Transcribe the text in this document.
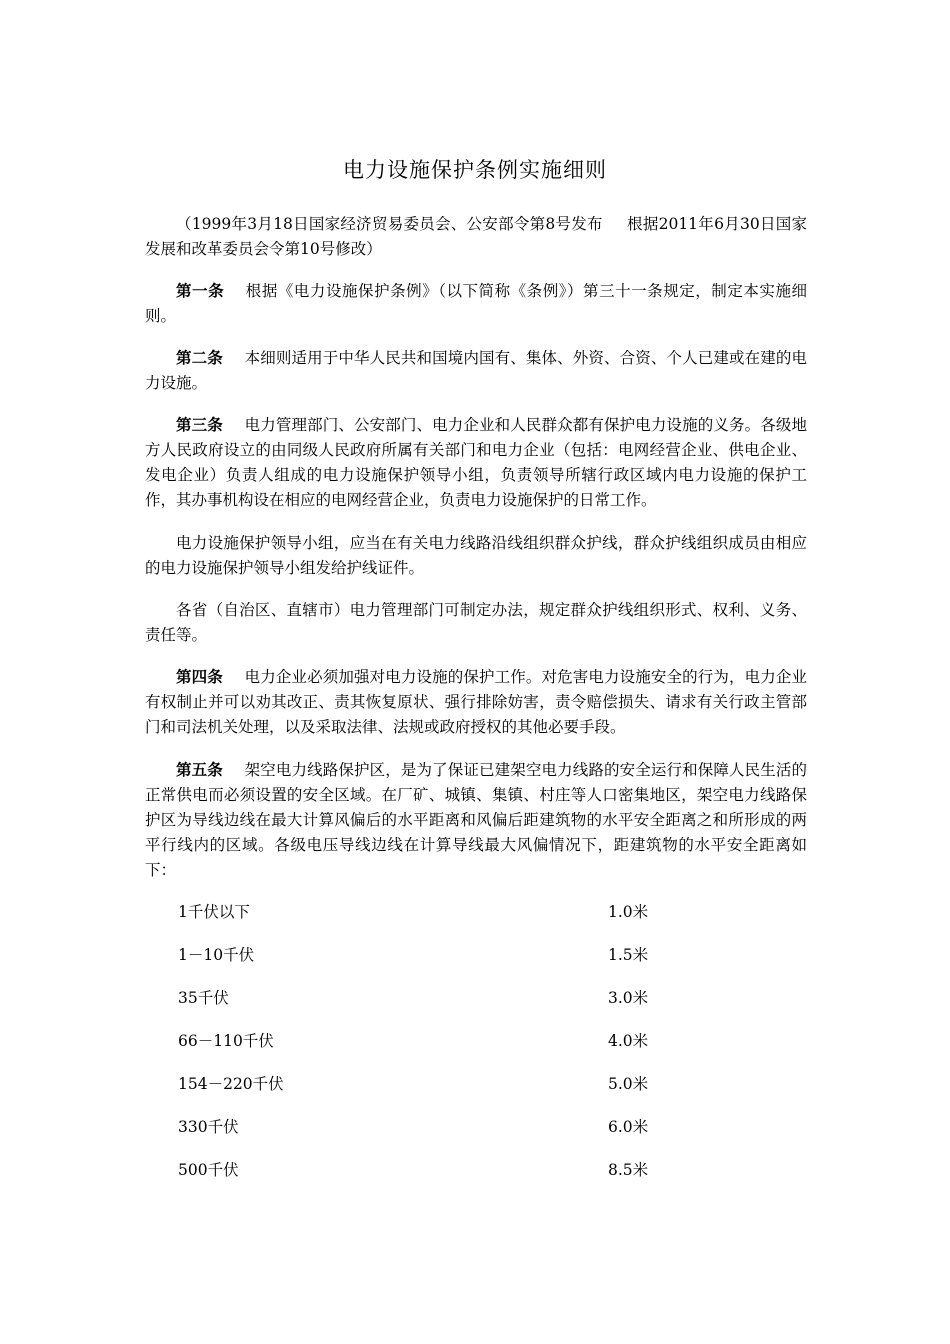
电力设施保护条例实施细则

（1999年3月18日国家经济贸易委员会、公安部令第8号发布 根据2011年6月30日国家发展和改革委员会令第10号修改）

第一条 根据《电力设施保护条例》（以下简称《条例》）第三十一条规定，制定本实施细则。

第二条 本细则适用于中华人民共和国境内国有、集体、外资、合资、个人已建或在建的电力设施。

第三条 电力管理部门、公安部门、电力企业和人民群众都有保护电力设施的义务。各级地方人民政府设立的由同级人民政府所属有关部门和电力企业（包括：电网经营企业、供电企业、发电企业）负责人组成的电力设施保护领导小组，负责领导所辖行政区域内电力设施的保护工作，其办事机构设在相应的电网经营企业，负责电力设施保护的日常工作。

电力设施保护领导小组，应当在有关电力线路沿线组织群众护线，群众护线组织成员由相应的电力设施保护领导小组发给护线证件。

各省（自治区、直辖市）电力管理部门可制定办法，规定群众护线组织形式、权利、义务、责任等。

第四条 电力企业必须加强对电力设施的保护工作。对危害电力设施安全的行为，电力企业有权制止并可以劝其改正、责其恢复原状、强行排除妨害，责令赔偿损失、请求有关行政主管部门和司法机关处理，以及采取法律、法规或政府授权的其他必要手段。

第五条 架空电力线路保护区，是为了保证已建架空电力线路的安全运行和保障人民生活的正常供电而必须设置的安全区域。在厂矿、城镇、集镇、村庄等人口密集地区，架空电力线路保护区为导线边线在最大计算风偏后的水平距离和风偏后距建筑物的水平安全距离之和所形成的两平行线内的区域。各级电压导线边线在计算导线最大风偏情况下，距建筑物的水平安全距离如下：

1千伏以下	1.0米
1－10千伏	1.5米
35千伏	3.0米
66－110千伏	4.0米
154－220千伏	5.0米
330千伏	6.0米
500千伏	8.5米
